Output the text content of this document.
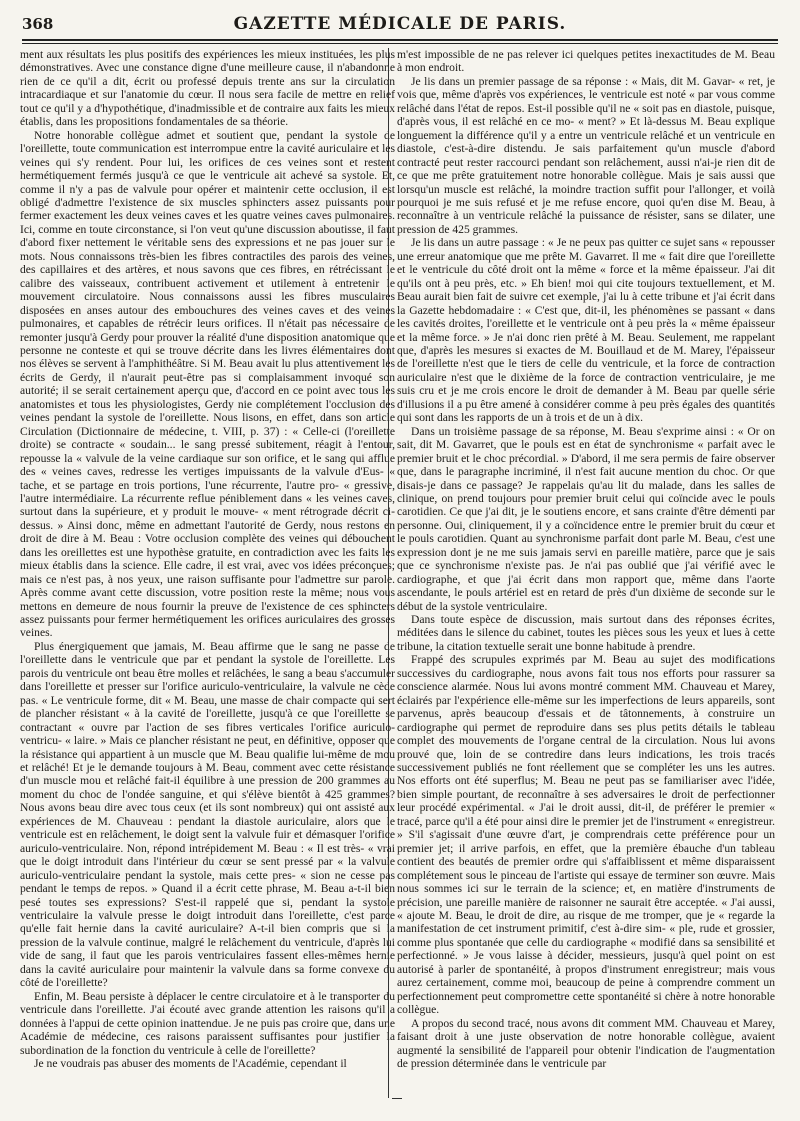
368	GAZETTE MÉDICALE DE PARIS.

ment aux résultats les plus positifs des expériences les mieux instituées, les plus démonstratives. Avec une constance digne d'une meilleure cause, il n'abandonne rien de ce qu'il a dit, écrit ou professé depuis trente ans sur la circulation intracardiaque et sur l'anatomie du cœur. Il nous sera facile de mettre en relief tout ce qu'il y a d'hypothétique, d'inadmissible et de contraire aux faits les mieux établis, dans les propositions fondamentales de sa théorie.

Notre honorable collègue admet et soutient que, pendant la systole de l'oreillette, toute communication est interrompue entre la cavité auriculaire et les veines qui s'y rendent. Pour lui, les orifices de ces veines sont et restent hermétiquement fermés jusqu'à ce que le ventricule ait achevé sa systole. Et, comme il n'y a pas de valvule pour opérer et maintenir cette occlusion, il est obligé d'admettre l'existence de six muscles sphincters assez puissants pour fermer exactement les deux veines caves et les quatre veines caves pulmonaires. Ici, comme en toute circonstance, si l'on veut qu'une discussion aboutisse, il faut d'abord fixer nettement le véritable sens des expressions et ne pas jouer sur le mots. Nous connaissons très-bien les fibres contractiles des parois des veines, des capillaires et des artères, et nous savons que ces fibres, en rétrécissant le calibre des vaisseaux, contribuent activement et utilement à entretenir le mouvement circulatoire. Nous connaissons aussi les fibres musculaires disposées en anses autour des embouchures des veines caves et des veines pulmonaires, et capables de rétrécir leurs orifices. Il n'était pas nécessaire de remonter jusqu'à Gerdy pour prouver la réalité d'une disposition anatomique que personne ne conteste et qui se trouve décrite dans les livres élémentaires dont nos élèves se servent à l'amphithéâtre. Si M. Beau avait lu plus attentivement les écrits de Gerdy, il n'aurait peut-être pas si complaisamment invoqué son autorité; il se serait certainement aperçu que, d'accord en ce point avec tous les anatomistes et tous les physiologistes, Gerdy nie complétement l'occlusion des veines pendant la systole de l'oreillette. Nous lisons, en effet, dans son article Circulation (Dictionnaire de médecine, t. VIII, p. 37) : « Celle-ci (l'oreillette droite) se contracte « soudain... le sang pressé subitement, réagit à l'entour, repousse la « valvule de la veine cardiaque sur son orifice, et le sang qui afflue des « veines caves, redresse les vertiges impuissants de la valvule d'Eus- « tache, et se partage en trois portions, l'une récurrente, l'autre pro- « gressive, l'autre intermédiaire. La récurrente reflue péniblement dans « les veines caves, surtout dans la supérieure, et y produit le mouve- « ment rétrograde décrit ci-dessus. » Ainsi donc, même en admettant l'autorité de Gerdy, nous restons en droit de dire à M. Beau : Votre occlusion complète des veines qui débouchent dans les oreillettes est une hypothèse gratuite, en contradiction avec les faits les mieux établis dans la science. Elle cadre, il est vrai, avec vos idées préconçues; mais ce n'est pas, à nos yeux, une raison suffisante pour l'admettre sur parole. Après comme avant cette discussion, votre position reste la même; nous vous mettons en demeure de nous fournir la preuve de l'existence de ces sphincters assez puissants pour fermer hermétiquement les orifices auriculaires des grosses veines.

Plus énergiquement que jamais, M. Beau affirme que le sang ne passe de l'oreillette dans le ventricule que par et pendant la systole de l'oreillette. Les parois du ventricule ont beau être molles et relâchées, le sang a beau s'accumuler dans l'oreillette et presser sur l'orifice auriculo-ventriculaire, la valvule ne cède pas. « Le ventricule forme, dit « M. Beau, une masse de chair compacte qui sert de plancher résistant « à la cavité de l'oreillette, jusqu'à ce que l'oreillette se contractant « ouvre par l'action de ses fibres verticales l'orifice auriculo-ventricu- « laire. » Mais ce plancher résistant ne peut, en définitive, opposer que la résistance qui appartient à un muscle que M. Beau qualifie lui-même de mou et relâché! Et je le demande toujours à M. Beau, comment avec cette résistance d'un muscle mou et relâché fait-il équilibre à une pression de 200 grammes au moment du choc de l'ondée sanguine, et qui s'élève bientôt à 425 grammes? Nous avons beau dire avec tous ceux (et ils sont nombreux) qui ont assisté aux expériences de M. Chauveau : pendant la diastole auriculaire, alors que le ventricule est en relâchement, le doigt sent la valvule fuir et démasquer l'orifice auriculo-ventriculaire. Non, répond intrépidement M. Beau : « Il est très- « vrai que le doigt introduit dans l'intérieur du cœur se sent pressé par « la valvule auriculo-ventriculaire pendant la systole, mais cette pres- « sion ne cesse pas pendant le temps de repos. » Quand il a écrit cette phrase, M. Beau a-t-il bien pesé toutes ses expressions? S'est-il rappelé que si, pendant la systole ventriculaire la valvule presse le doigt introduit dans l'oreillette, c'est parce qu'elle fait hernie dans la cavité auriculaire? A-t-il bien compris que si la pression de la valvule continue, malgré le relâchement du ventricule, d'après lui vide de sang, il faut que les parois ventriculaires fassent elles-mêmes hernie dans la cavité auriculaire pour maintenir la valvule dans sa forme convexe du côté de l'oreillette?

Enfin, M. Beau persiste à déplacer le centre circulatoire et à le transporter du ventricule dans l'oreillette. J'ai écouté avec grande attention les raisons qu'il a données à l'appui de cette opinion inattendue. Je ne puis pas croire que, dans une Académie de médecine, ces raisons paraissent suffisantes pour justifier la subordination de la fonction du ventricule à celle de l'oreillette?

Je ne voudrais pas abuser des moments de l'Académie, cependant il

m'est impossible de ne pas relever ici quelques petites inexactitudes de M. Beau à mon endroit.

Je lis dans un premier passage de sa réponse : « Mais, dit M. Gavar- « ret, je vois que, même d'après vos expériences, le ventricule est noté « par vous comme relâché dans l'état de repos. Est-il possible qu'il ne « soit pas en diastole, puisque, d'après vous, il est relâché en ce mo- « ment? » Et là-dessus M. Beau explique longuement la différence qu'il y a entre un ventricule relâché et un ventricule en diastole, c'est-à-dire distendu. Je sais parfaitement qu'un muscle d'abord contracté peut rester raccourci pendant son relâchement, aussi n'ai-je rien dit de ce que me prête gratuitement notre honorable collègue. Mais je sais aussi que lorsqu'un muscle est relâché, la moindre traction suffit pour l'allonger, et voilà pourquoi je me suis refusé et je me refuse encore, quoi qu'en dise M. Beau, à reconnaître à un ventricule relâché la puissance de résister, sans se dilater, une pression de 425 grammes.

Je lis dans un autre passage : « Je ne peux pas quitter ce sujet sans « repousser une erreur anatomique que me prête M. Gavarret. Il me « fait dire que l'oreillette et le ventricule du côté droit ont la même « force et la même épaisseur. J'ai dit qu'ils ont à peu près, etc. » Eh bien! moi qui cite toujours textuellement, et M. Beau aurait bien fait de suivre cet exemple, j'ai lu à cette tribune et j'ai écrit dans la Gazette hebdomadaire : « C'est que, dit-il, les phénomènes se passant « dans les cavités droites, l'oreillette et le ventricule ont à peu près la « même épaisseur et la même force. » Je n'ai donc rien prêté à M. Beau. Seulement, me rappelant que, d'après les mesures si exactes de M. Bouillaud et de M. Marey, l'épaisseur de l'oreillette n'est que le tiers de celle du ventricule, et la force de contraction auriculaire n'est que le dixième de la force de contraction ventriculaire, je me suis cru et je me crois encore le droit de demander à M. Beau par quelle série d'illusions il a pu être amené à considérer comme à peu près égales des quantités qui sont dans les rapports de un à trois et de un à dix.

Dans un troisième passage de sa réponse, M. Beau s'exprime ainsi : « Or on sait, dit M. Gavarret, que le pouls est en état de synchronisme « parfait avec le premier bruit et le choc précordial. » D'abord, il me sera permis de faire observer que, dans le paragraphe incriminé, il n'est fait aucune mention du choc. Or que disais-je dans ce passage? Je rappelais qu'au lit du malade, dans les salles de clinique, on prend toujours pour premier bruit celui qui coïncide avec le pouls carotidien. Ce que j'ai dit, je le soutiens encore, et sans crainte d'être démenti par personne. Oui, cliniquement, il y a coïncidence entre le premier bruit du cœur et le pouls carotidien. Quant au synchronisme parfait dont parle M. Beau, c'est une expression dont je ne me suis jamais servi en pareille matière, parce que je sais que ce synchronisme n'existe pas. Je n'ai pas oublié que j'ai vérifié avec le cardiographe, et que j'ai écrit dans mon rapport que, même dans l'aorte ascendante, le pouls artériel est en retard de près d'un dixième de seconde sur le début de la systole ventriculaire.

Dans toute espèce de discussion, mais surtout dans des réponses écrites, méditées dans le silence du cabinet, toutes les pièces sous les yeux et lues à cette tribune, la citation textuelle serait une bonne habitude à prendre.

Frappé des scrupules exprimés par M. Beau au sujet des modifications successives du cardiographe, nous avons fait tous nos efforts pour rassurer sa conscience alarmée. Nous lui avons montré comment MM. Chauveau et Marey, éclairés par l'expérience elle-même sur les imperfections de leurs appareils, sont parvenus, après beaucoup d'essais et de tâtonnements, à construire un cardiographe qui permet de reproduire dans ses plus petits détails le tableau complet des mouvements de l'organe central de la circulation. Nous lui avons prouvé que, loin de se contredire dans leurs indications, les trois tracés successivement publiés ne font réellement que se compléter les uns les autres. Nos efforts ont été superflus; M. Beau ne peut pas se familiariser avec l'idée, bien simple pourtant, de reconnaître à ses adversaires le droit de perfectionner leur procédé expérimental. « J'ai le droit aussi, dit-il, de préférer le premier « tracé, parce qu'il a été pour ainsi dire le premier jet de l'instrument « enregistreur. » S'il s'agissait d'une œuvre d'art, je comprendrais cette préférence pour un premier jet; il arrive parfois, en effet, que la première ébauche d'un tableau contient des beautés de premier ordre qui s'affaiblissent et même disparaissent complétement sous le pinceau de l'artiste qui essaye de terminer son œuvre. Mais nous sommes ici sur le terrain de la science; et, en matière d'instruments de précision, une pareille manière de raisonner ne saurait être acceptée. « J'ai aussi, « ajoute M. Beau, le droit de dire, au risque de me tromper, que je « regarde la manifestation de cet instrument primitif, c'est à-dire sim- « ple, rude et grossier, comme plus spontanée que celle du cardiographe « modifié dans sa sensibilité et perfectionné. » Je vous laisse à décider, messieurs, jusqu'à quel point on est autorisé à parler de spontanéité, à propos d'instrument enregistreur; mais vous aurez certainement, comme moi, beaucoup de peine à comprendre comment un perfectionnement peut compromettre cette spontanéité si chère à notre honorable collègue.

A propos du second tracé, nous avons dit comment MM. Chauveau et Marey, faisant droit à une juste observation de notre honorable collègue, avaient augmenté la sensibilité de l'appareil pour obtenir l'indication de l'augmentation de pression déterminée dans le ventricule par
